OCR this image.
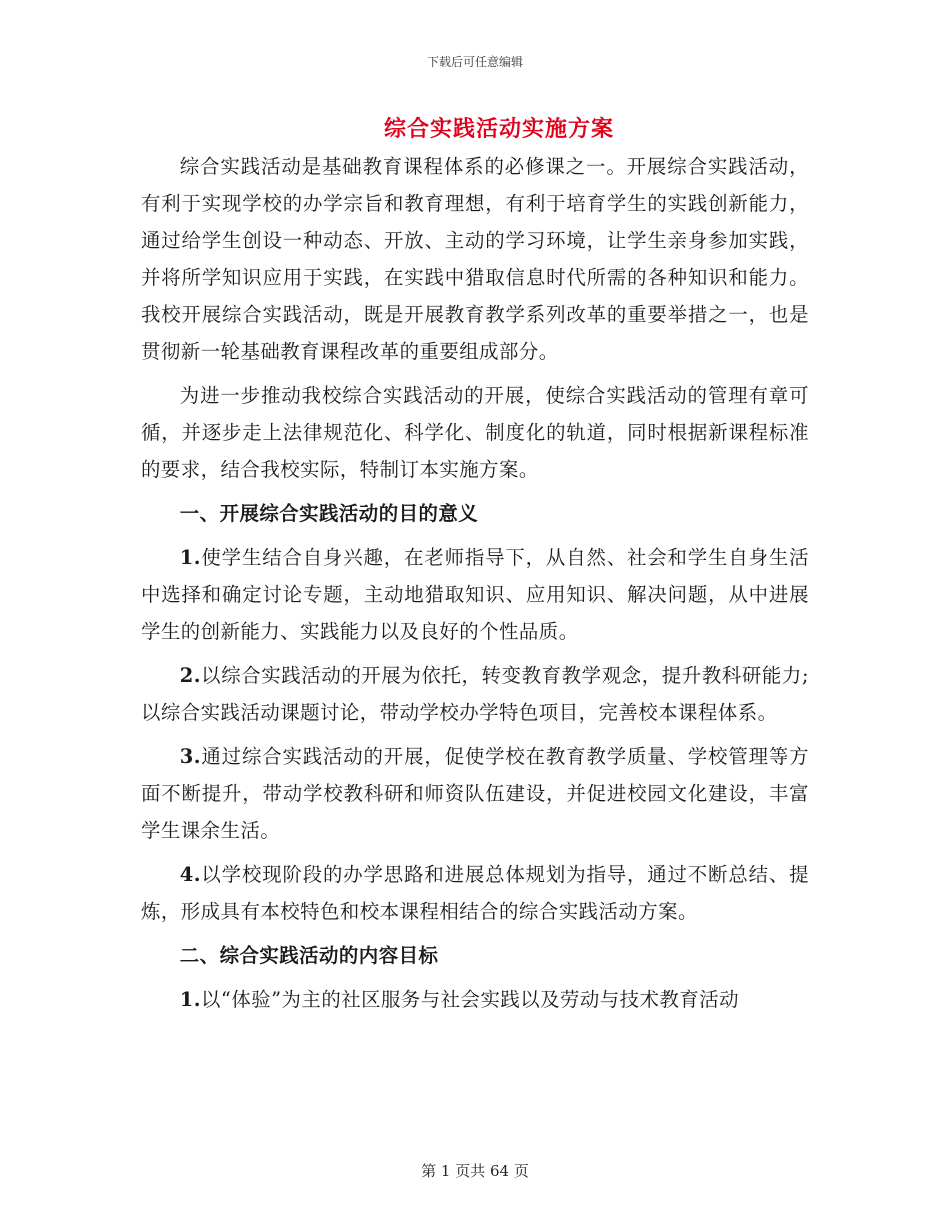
下载后可任意编辑
综合实践活动实施方案

综合实践活动是基础教育课程体系的必修课之一。开展综合实践活动，有利于实现学校的办学宗旨和教育理想，有利于培育学生的实践创新能力，通过给学生创设一种动态、开放、主动的学习环境，让学生亲身参加实践，并将所学知识应用于实践，在实践中猎取信息时代所需的各种知识和能力。我校开展综合实践活动，既是开展教育教学系列改革的重要举措之一，也是贯彻新一轮基础教育课程改革的重要组成部分。

为进一步推动我校综合实践活动的开展，使综合实践活动的管理有章可循，并逐步走上法律规范化、科学化、制度化的轨道，同时根据新课程标准的要求，结合我校实际，特制订本实施方案。

一、开展综合实践活动的目的意义

1.使学生结合自身兴趣，在老师指导下，从自然、社会和学生自身生活中选择和确定讨论专题，主动地猎取知识、应用知识、解决问题，从中进展学生的创新能力、实践能力以及良好的个性品质。

2.以综合实践活动的开展为依托，转变教育教学观念，提升教科研能力;以综合实践活动课题讨论，带动学校办学特色项目，完善校本课程体系。

3.通过综合实践活动的开展，促使学校在教育教学质量、学校管理等方面不断提升，带动学校教科研和师资队伍建设，并促进校园文化建设，丰富学生课余生活。

4.以学校现阶段的办学思路和进展总体规划为指导，通过不断总结、提炼，形成具有本校特色和校本课程相结合的综合实践活动方案。

二、综合实践活动的内容目标

1.以“体验”为主的社区服务与社会实践以及劳动与技术教育活动

第 1 页共 64 页
